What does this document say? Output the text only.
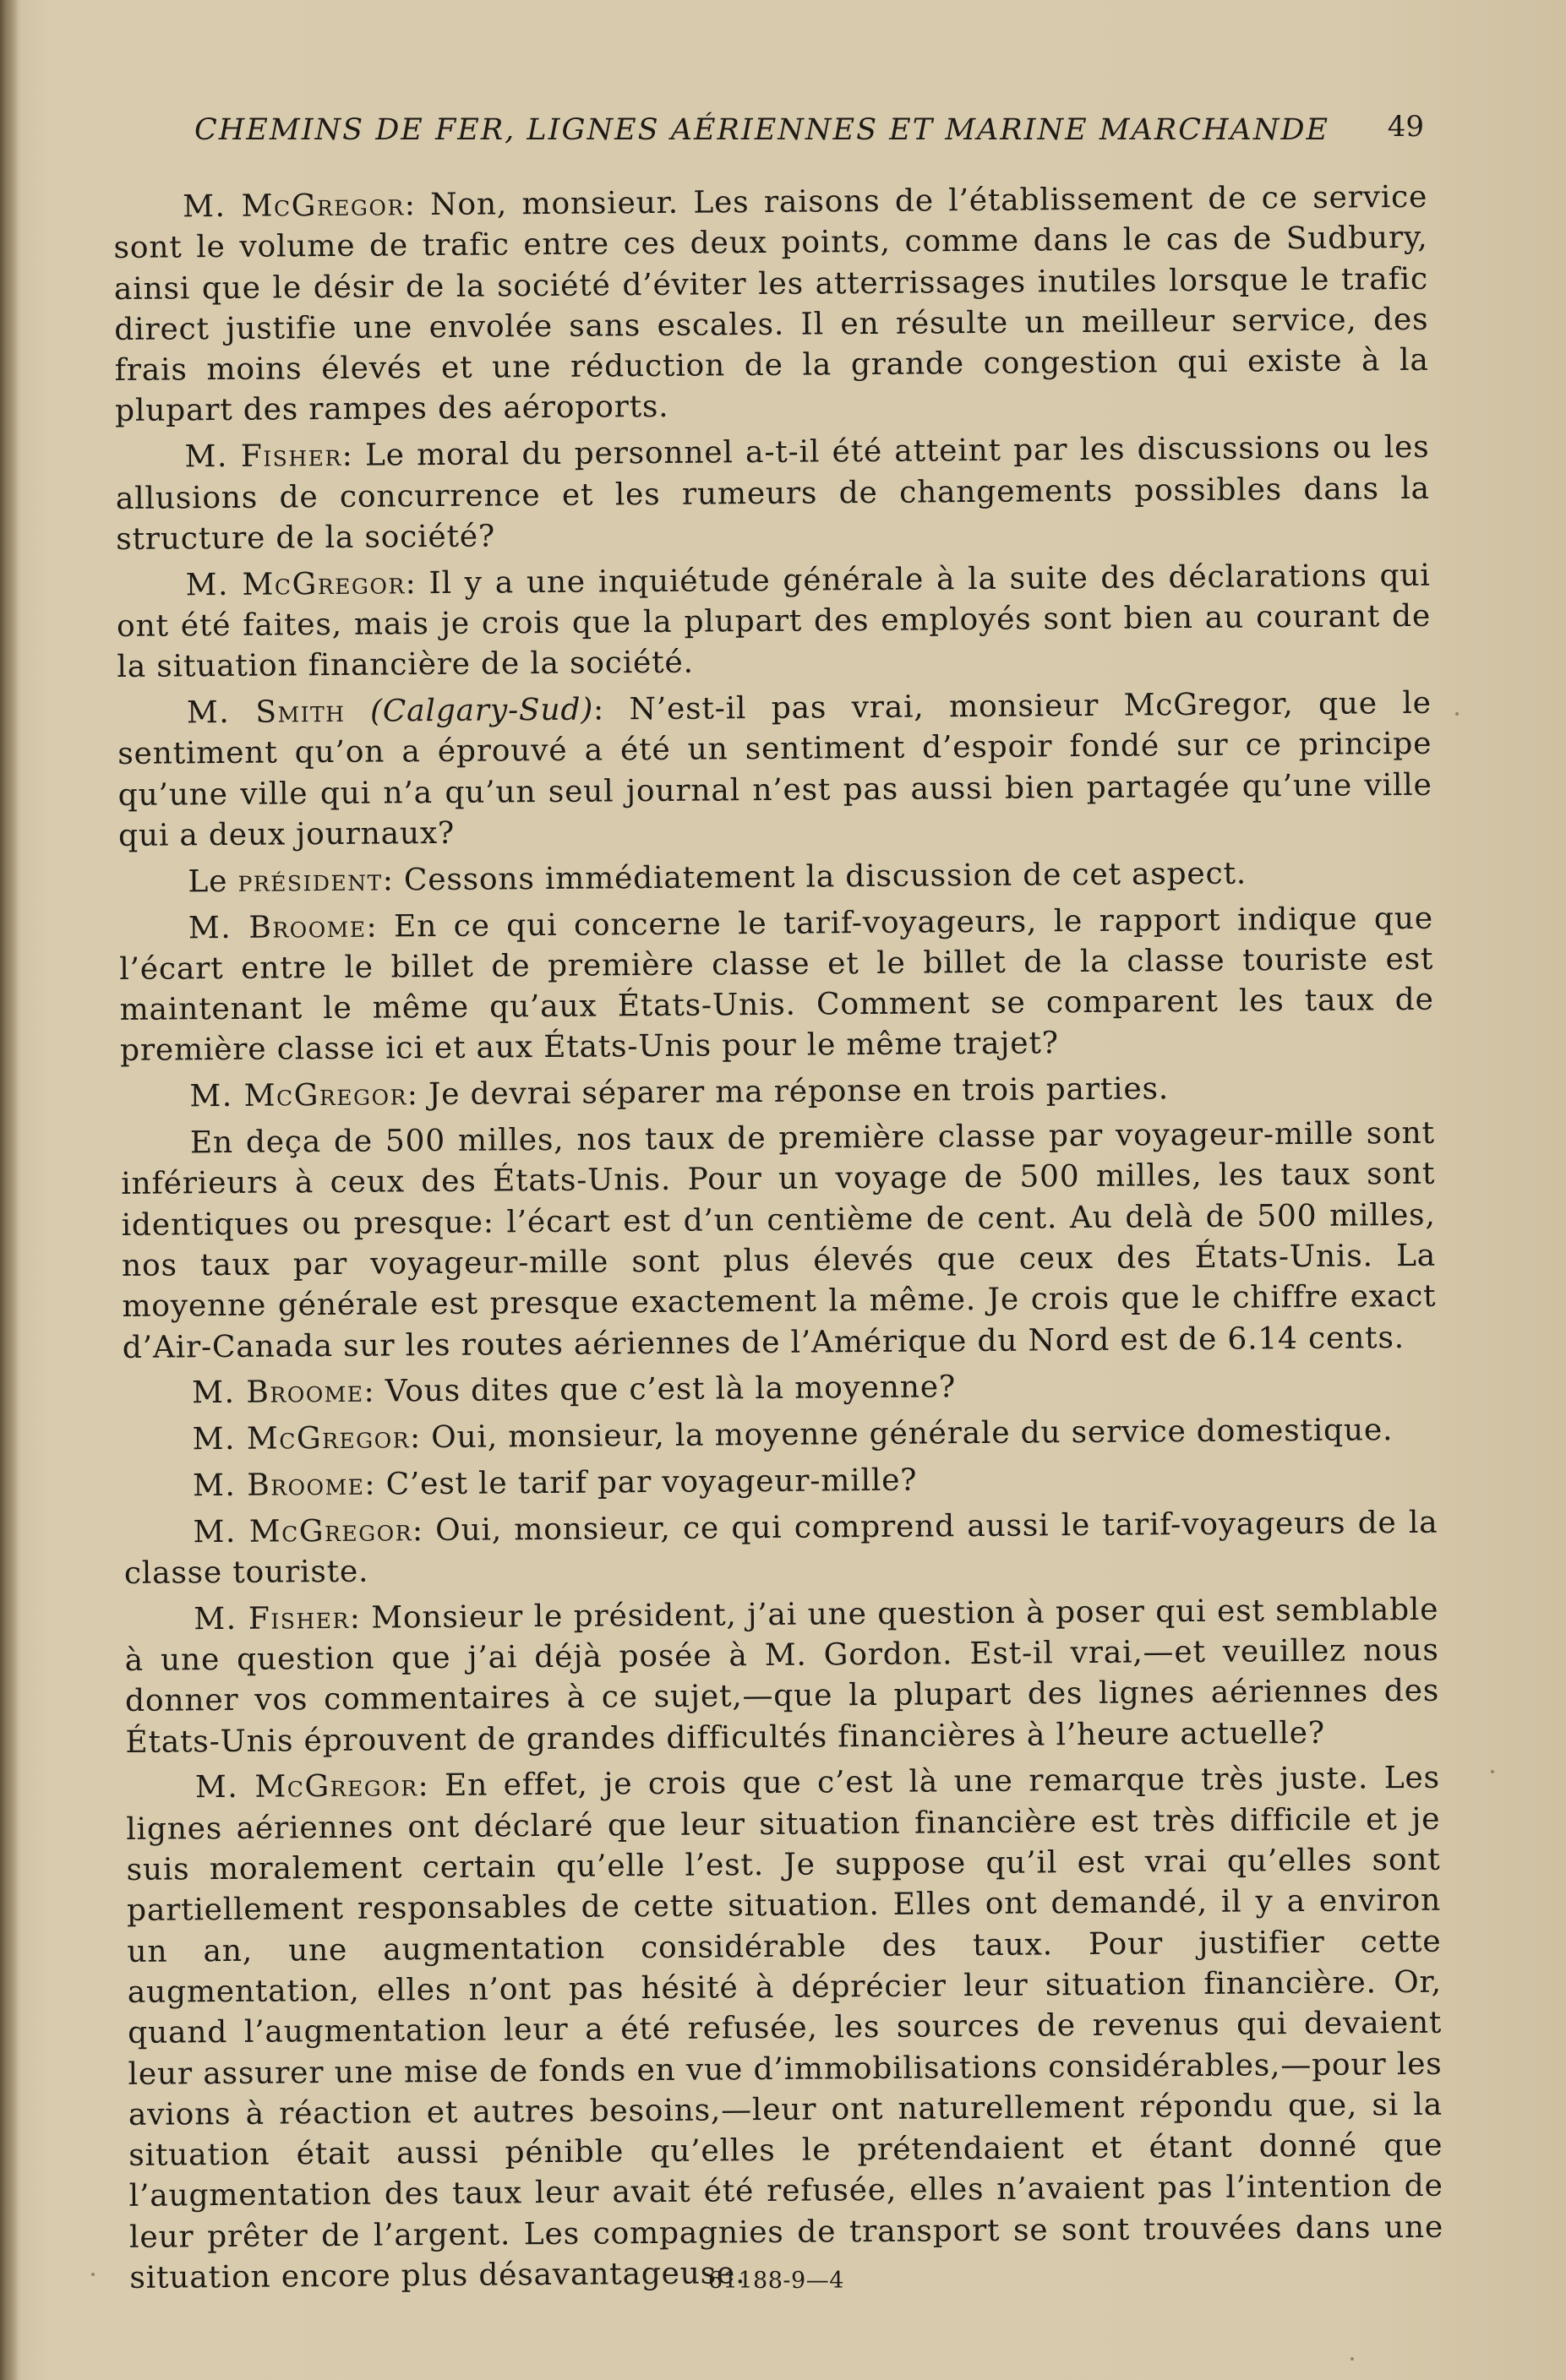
CHEMINS DE FER, LIGNES AÉRIENNES ET MARINE MARCHANDE 49

M. McGregor: Non, monsieur. Les raisons de l’établissement de ce service sont le volume de trafic entre ces deux points, comme dans le cas de Sudbury, ainsi que le désir de la société d’éviter les atterrissages inutiles lorsque le trafic direct justifie une envolée sans escales. Il en résulte un meilleur service, des frais moins élevés et une réduction de la grande congestion qui existe à la plupart des rampes des aéroports.

M. Fisher: Le moral du personnel a-t-il été atteint par les discussions ou les allusions de concurrence et les rumeurs de changements possibles dans la structure de la société?

M. McGregor: Il y a une inquiétude générale à la suite des déclarations qui ont été faites, mais je crois que la plupart des employés sont bien au courant de la situation financière de la société.

M. Smith (Calgary-Sud): N’est-il pas vrai, monsieur McGregor, que le sentiment qu’on a éprouvé a été un sentiment d’espoir fondé sur ce principe qu’une ville qui n’a qu’un seul journal n’est pas aussi bien partagée qu’une ville qui a deux journaux?

Le président: Cessons immédiatement la discussion de cet aspect.

M. Broome: En ce qui concerne le tarif-voyageurs, le rapport indique que l’écart entre le billet de première classe et le billet de la classe touriste est maintenant le même qu’aux États-Unis. Comment se comparent les taux de première classe ici et aux États-Unis pour le même trajet?

M. McGregor: Je devrai séparer ma réponse en trois parties.

En deça de 500 milles, nos taux de première classe par voyageur-mille sont inférieurs à ceux des États-Unis. Pour un voyage de 500 milles, les taux sont identiques ou presque: l’écart est d’un centième de cent. Au delà de 500 milles, nos taux par voyageur-mille sont plus élevés que ceux des États-Unis. La moyenne générale est presque exactement la même. Je crois que le chiffre exact d’Air-Canada sur les routes aériennes de l’Amérique du Nord est de 6.14 cents.

M. Broome: Vous dites que c’est là la moyenne?

M. McGregor: Oui, monsieur, la moyenne générale du service domestique.

M. Broome: C’est le tarif par voyageur-mille?

M. McGregor: Oui, monsieur, ce qui comprend aussi le tarif-voyageurs de la classe touriste.

M. Fisher: Monsieur le président, j’ai une question à poser qui est semblable à une question que j’ai déjà posée à M. Gordon. Est-il vrai,—et veuillez nous donner vos commentaires à ce sujet,—que la plupart des lignes aériennes des États-Unis éprouvent de grandes difficultés financières à l’heure actuelle?

M. McGregor: En effet, je crois que c’est là une remarque très juste. Les lignes aériennes ont déclaré que leur situation financière est très difficile et je suis moralement certain qu’elle l’est. Je suppose qu’il est vrai qu’elles sont partiellement responsables de cette situation. Elles ont demandé, il y a environ un an, une augmentation considérable des taux. Pour justifier cette augmentation, elles n’ont pas hésité à déprécier leur situation financière. Or, quand l’augmentation leur a été refusée, les sources de revenus qui devaient leur assurer une mise de fonds en vue d’immobilisations considérables,—pour les avions à réaction et autres besoins,—leur ont naturellement répondu que, si la situation était aussi pénible qu’elles le prétendaient et étant donné que l’augmentation des taux leur avait été refusée, elles n’avaient pas l’intention de leur prêter de l’argent. Les compagnies de transport se sont trouvées dans une situation encore plus désavantageuse.

61188-9—4
